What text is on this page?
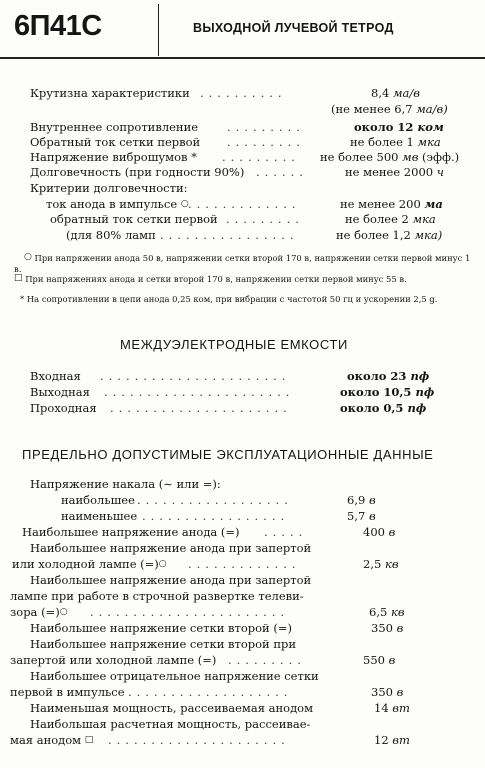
6П41С	ВЫХОДНОЙ ЛУЧЕВОЙ ТЕТРОД
Крутизна характеристики ..........	8,4 ма/в
(не менее 6,7 ма/в)
Внутреннее сопротивление	.........	около 12 ком
Обратный ток сетки первой .........	не более 1 мка
Напряжение виброшумов * .........	не более 500 мв (эфф.)
Долговечность (при годности 90%) ......	не менее 2000 ч
Критерии долговечности:
ток анода в импульсе ○ .............	не менее 200 ма
обратный ток сетки первой .........	не более 2 мка
(для 80% ламп ................	не более 1,2 мка)
○ При напряжении анода 50 в, напряжении сетки второй 170 в, напряжении сетки первой минус 1 в.
□ При напряжениях анода и сетки второй 170 в, напряжении сетки первой минус 55 в.
* На сопротивлении в цепи анода 0,25 ком, при вибрации с частотой 50 гц и ускорении 2,5 g.
МЕЖДУЭЛЕКТРОДНЫЕ ЕМКОСТИ
Входная ......................	около 23 пф
Выходная ......................	около 10,5 пф
Проходная .....................	около 0,5 пф
ПРЕДЕЛЬНО ДОПУСТИМЫЕ ЭКСПЛУАТАЦИОННЫЕ ДАННЫЕ
Напряжение накала (∼ или =):
наибольшее ..................	6,9 в
наименьшее .................	5,7 в
Наибольшее напряжение анода (=) .....	400 в
Наибольшее напряжение анода при запертой
или холодной лампе (=)○ .............	2,5 кв
Наибольшее напряжение анода при запертой
лампе при работе в строчной развертке телеви-
зора (=)○ .......................	6,5 кв
Наибольшее напряжение сетки второй (=)	350 в
Наибольшее напряжение сетки второй при
запертой или холодной лампе (=) .........	550 в
Наибольшее отрицательное напряжение сетки
первой в импульсе ...................	350 в
Наименьшая мощность, рассеиваемая анодом	14 вт
Наибольшая расчетная мощность, рассеивае-
мая анодом □ .....................	12 вт
